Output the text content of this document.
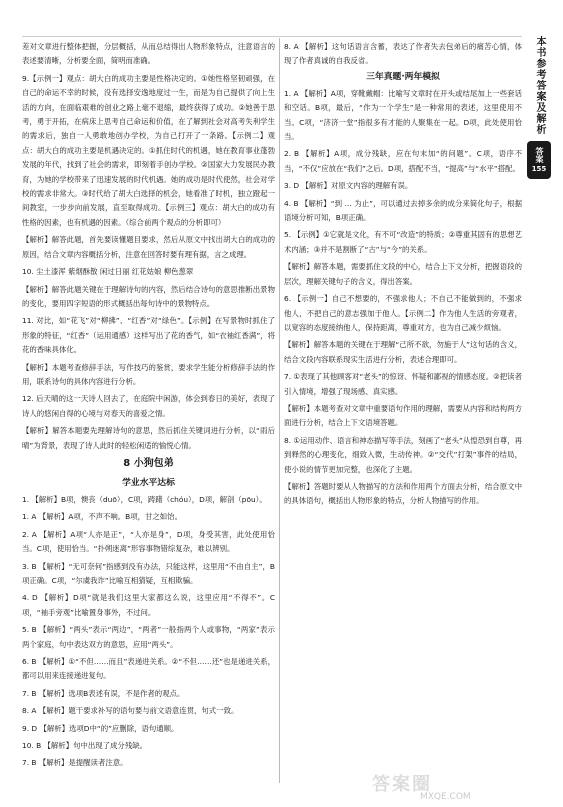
差对文章进行整体把握，分层概括，从而总结得出人物形象特点，注意语言的表述要清晰，分析要全面，简明而准确。

9.【示例一】观点：胡大白的成功主要是性格决定的。①她性格坚韧顽强，在自己的命运不幸的时候，没有选择安逸地度过一生，而是为自己提供了向上生活的方向，在面临艰难的创业之路上毫不退缩，最终获得了成功。②她善于思考，勇于开拓，在病床上思考自己命运和价值，在了解到社会对高考失利学生的需求后，独自一人勇敢地创办学校，为自己打开了一条路。【示例二】观点：胡大白的成功主要是机遇决定的。①抓住时代的机遇，她在教育事业蓬勃发展的年代，找到了社会的需求，即刻着手创办学校。②国家大力发展民办教育，为她的学校带来了迅速发展的时代机遇。她的成功是时代使然，社会对学校的需求非常大。③时代给了胡大白选择的机会，她看准了时机，独立蹬起一间教室，一步步向前发展，直至取得成功。【示例三】观点：胡大白的成功有性格的因素，也有机遇的因素。（综合前两个观点的分析即可）

【解析】解答此题，首先要读懂题目要求，然后从原文中找出胡大白的成功的原因，结合文章内容概括分析，注意在回答时要有理有据，言之成理。

10. 尘土漆浑 紫烟酥散 闲过日丽 红花姑娘 柳色葱翠

【解析】解答此题关键在于理解诗句的内容，然后结合诗句的意思推断出景物的变化，要用四字短语的形式概括出每句诗中的景物特点。

11. 对比，如“花飞”对“柳拂”、“红香”对“绿色”。【示例】在写景物时抓住了形象的特征，“红香”（运用通感）这样写出了花的香气，如“衣袖红香满”，将花的香味具体化。

【解析】本题考查修辞手法，写作技巧的鉴赏，要求学生能分析修辞手法的作用，联系诗句的具体内容进行分析。

12. 后天晴的这一天诗人回去了，在庭院中闲游，体会到春日的美好，表现了诗人的悠闲自得的心境与对春天的喜爱之情。

【解析】解答本题要先理解诗句的意思，然后抓住关键词进行分析，以“雨后晴”为背景，表现了诗人此时的轻松闲适的愉悦心情。

8 小狗包弟
学业水平达标

1. 【解析】B项，懊丧（duō），C项，踌躇（chóu），D项，解剖（pōu）。

1. A 【解析】A项，不声不响。B项，甘之如饴。

2. A 【解析】A项“人亦是正”，“人亦是身”，D项，身受其害，此处使用恰当。C项，使用恰当。“扑朔迷离”形容事物错综复杂，难以辨别。

3. B 【解析】“无可奈何”指感到没有办法，只能这样，这里用“不由自主”，B项正确。C项，“尔虞我诈”比喻互相猜疑，互相欺骗。

4. D 【解析】D项“就是我们这里大家都这么说，这里应用“不得不”。C项，“袖手旁观”比喻置身事外，不过问。

5. B 【解析】“两头”表示“两边”，“两者”一般指两个人或事物，“两家”表示两个家庭，句中表达双方的意思，应用“两头”。

6. B 【解析】①“不但……而且”表递进关系。②“不但……还”也是递进关系，都可以用来连接递进复句。

7. B 【解析】选项B表述有误，不是作者的观点。

8. A 【解析】题干要求补写的语句要与前文语意连贯，句式一致。

9. D 【解析】选项D中“的”应删除，语句通顺。

10. B 【解析】句中出现了成分残缺。

7. B 【解析】是提醒读者注意。

8. A 【解析】这句话语言含蓄，表达了作者失去包弟后的痛苦心情，体现了作者真诚的自我反省。

三年真题·两年模拟

1. A 【解析】A项，穿靴戴帽：比喻写文章时在开头或结尾加上一些套话和空话。B项，最后，“作为一个学生”是一种常用的表述，这里使用不当。C项，“济济一堂”指很多有才能的人聚集在一起。D项，此处使用恰当。

2. B 【解析】A项，成分残缺，应在句末加“的问题”。C项，语序不当，“不仅”应放在“我们”之后。D项，搭配不当，“提高”与“水平”搭配。

3. D 【解析】对原文内容的理解有误。

4. B 【解析】“到 … 为止”，可以通过去掉多余的成分来简化句子，根据语境分析可知，B项正确。

5. 【示例】①它就是文化，有不可“改造”的特质；②尊重其固有的思想艺术内涵；③并不是割断了“古”与“今”的关系。

【解析】解答本题，需要抓住文段的中心，结合上下文分析，把握语段的层次，理解关键句子的含义，得出答案。

6. 【示例一】自己不想要的，不强求他人；不自己不能做到的，不强求他人，不把自己的意志强加于他人。【示例二】作为他人生活的旁观者，以宽容的态度接纳他人，保持距离，尊重对方，也为自己减少烦恼。

【解析】解答本题的关键在于理解“己所不欲，勿施于人”这句话的含义，结合文段内容联系现实生活进行分析，表述合理即可。

7. ①表现了其他顾客对“老头”的惊讶、怀疑和鄙视的情感态度。②把读者引入情境，增强了现场感、真实感。

【解析】本题考查对文章中重要语句作用的理解，需要从内容和结构两方面进行分析，结合上下文语境答题。

8. ①运用动作、语言和神态描写等手法，刻画了“老头”从惶恐到自尊，再到释然的心理变化，细致入微，生动传神。②“交代”打架”事件的结局，使小说的情节更加完整，也深化了主题。

【解析】答题时要从人物描写的方法和作用两个方面去分析，结合原文中的具体语句，概括出人物形象的特点，分析人物描写的作用。

本书参考答案及解析
答案
155
答案圈
MXQE.COM
